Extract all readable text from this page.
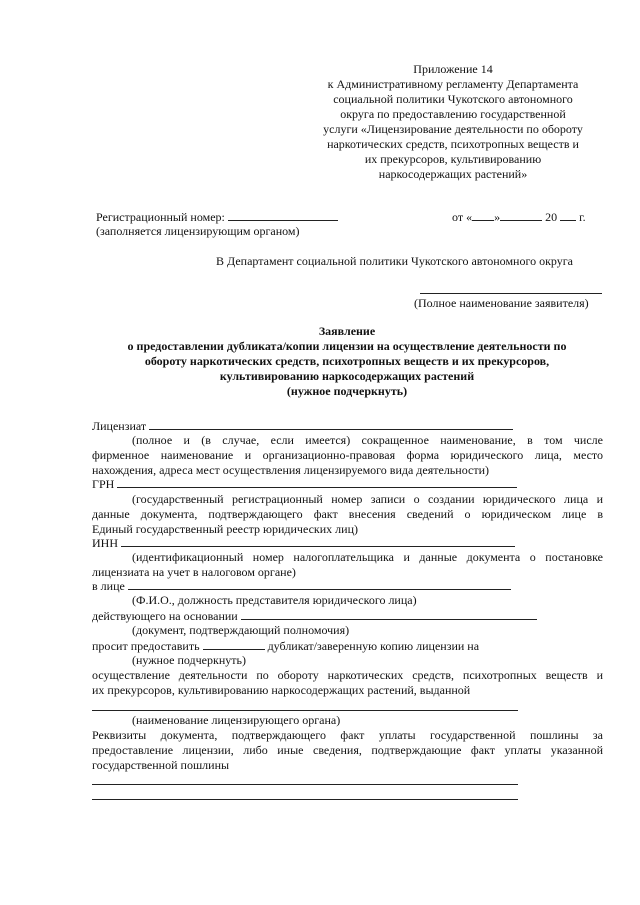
Приложение 14
к Административному регламенту Департамента
социальной политики Чукотского автономного
округа по предоставлению государственной
услуги «Лицензирование деятельности по обороту
наркотических средств, психотропных веществ и
их прекурсоров, культивированию
наркосодержащих растений»
Регистрационный номер:	от « »	20 г.
(заполняется лицензирующим органом)
В Департамент социальной политики Чукотского автономного округа
(Полное наименование заявителя)
Заявление
о предоставлении дубликата/копии лицензии на осуществление деятельности по
обороту наркотических средств, психотропных веществ и их прекурсоров,
культивированию наркосодержащих растений
(нужное подчеркнуть)
Лицензиат
(полное и (в случае, если имеется) сокращенное наименование, в том числе
фирменное наименование и организационно-правовая форма юридического лица, место
нахождения, адреса мест осуществления лицензируемого вида деятельности)
ГРН
(государственный регистрационный номер записи о создании юридического лица и
данные документа, подтверждающего факт внесения сведений о юридическом лице в
Единый государственный реестр юридических лиц)
ИНН
(идентификационный номер налогоплательщика и данные документа о постановке
лицензиата на учет в налоговом органе)
в лице
(Ф.И.О., должность представителя юридического лица)
действующего на основании
(документ, подтверждающий полномочия)
просит предоставить	дубликат/заверенную копию лицензии на
(нужное подчеркнуть)
осуществление деятельности по обороту наркотических средств, психотропных веществ и
их прекурсоров, культивированию наркосодержащих растений, выданной
(наименование лицензирующего органа)
Реквизиты документа, подтверждающего факт уплаты государственной пошлины за
предоставление лицензии, либо иные сведения, подтверждающие факт уплаты указанной
государственной пошлины
